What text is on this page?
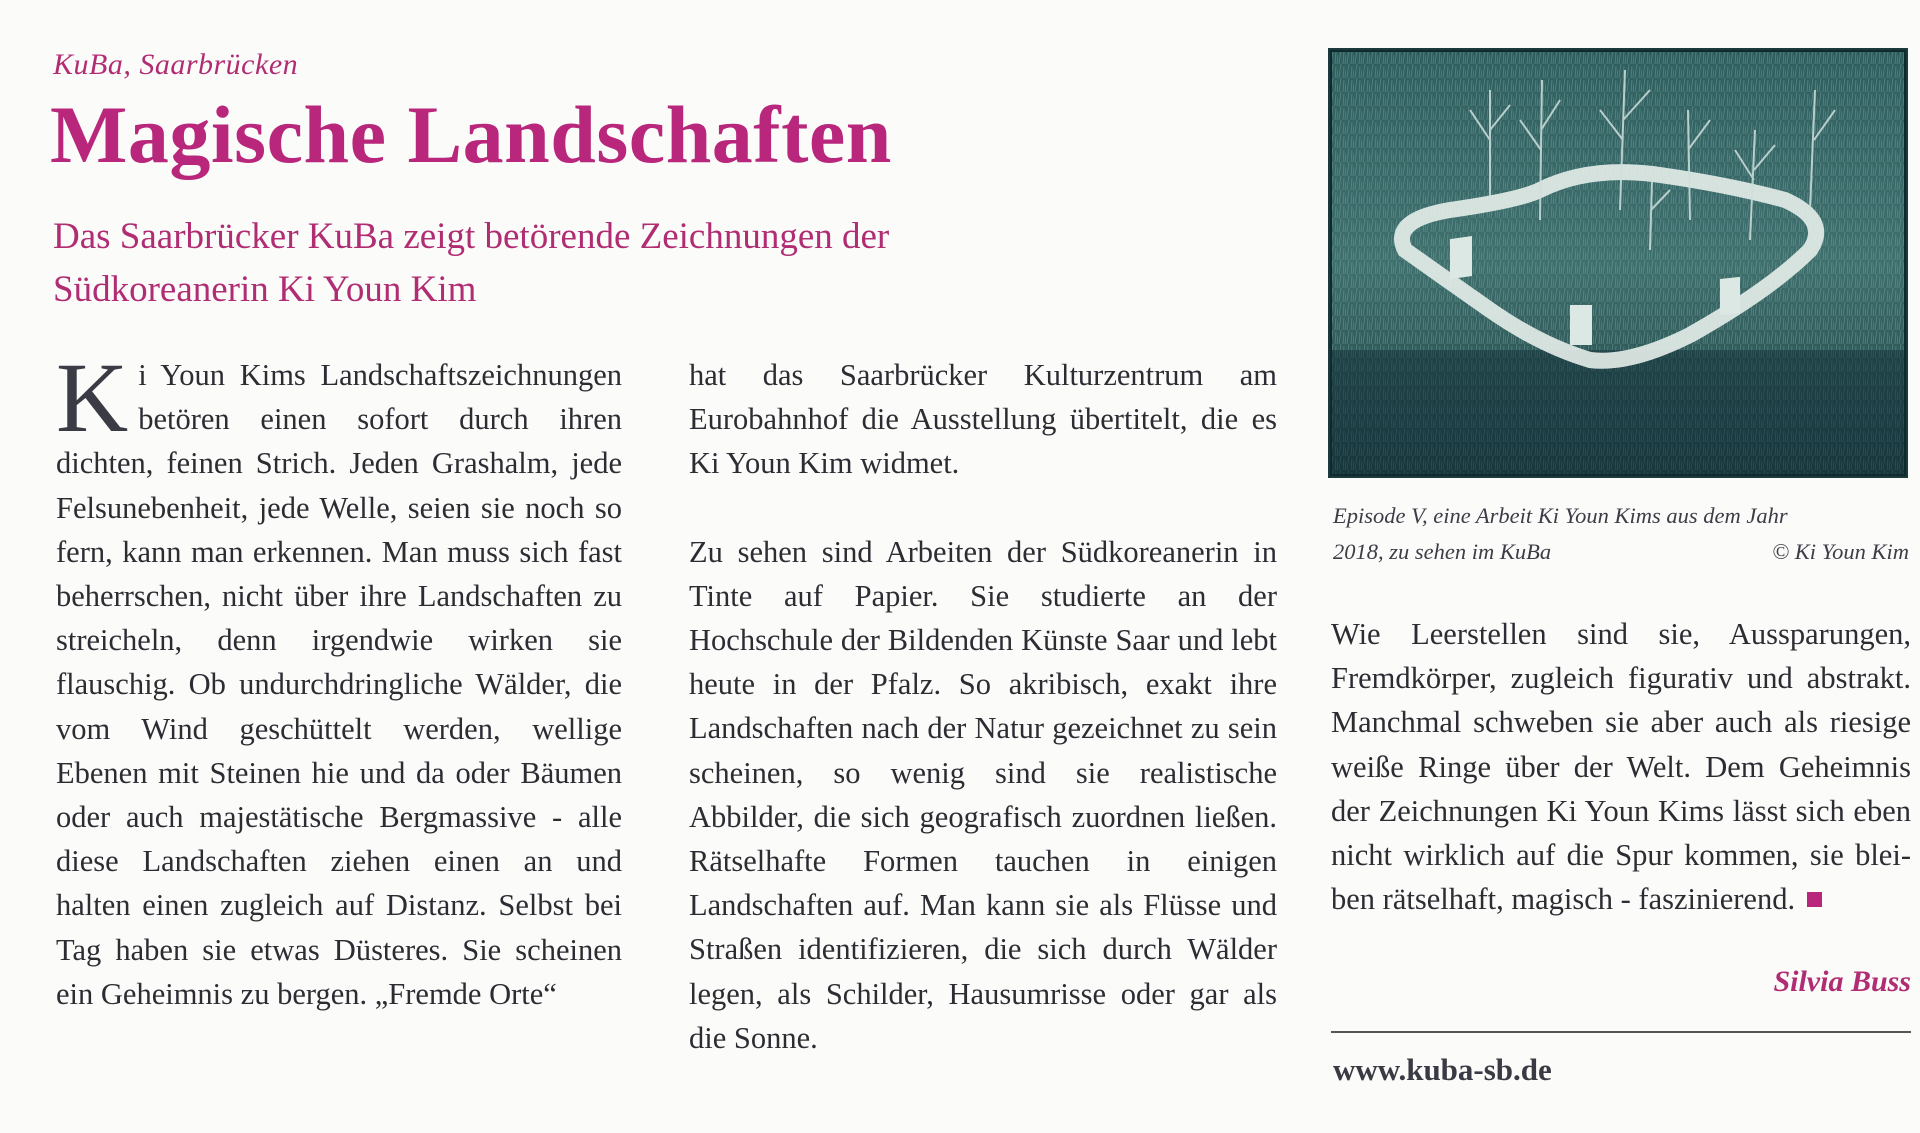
KuBa, Saarbrücken
Magische Landschaften

Das Saarbrücker KuBa zeigt betörende Zeichnungen der Südkoreanerin Ki Youn Kim

Ki Youn Kims Landschaftszeichnungen betören einen sofort durch ihren dichten, feinen Strich. Jeden Grashalm, jede Felsunebenheit, jede Welle, seien sie noch so fern, kann man erkennen. Man muss sich fast beherrschen, nicht über ihre Landschaften zu streicheln, denn irgendwie wirken sie flauschig. Ob undurchdringliche Wälder, die vom Wind geschüttelt werden, wellige Ebenen mit Steinen hie und da oder Bäumen oder auch majestätische Bergmassive - alle diese Landschaften ziehen einen an und halten einen zugleich auf Distanz. Selbst bei Tag haben sie etwas Düsteres. Sie scheinen ein Geheimnis zu bergen. „Fremde Orte“

hat das Saarbrücker Kulturzentrum am Eurobahnhof die Ausstellung übertitelt, die es Ki Youn Kim widmet.

Zu sehen sind Arbeiten der Südkoreanerin in Tinte auf Papier. Sie studierte an der Hochschule der Bildenden Künste Saar und lebt heute in der Pfalz. So akribisch, exakt ihre Landschaften nach der Natur gezeichnet zu sein scheinen, so wenig sind sie realistische Abbilder, die sich geografisch zuordnen ließen. Rätselhafte Formen tauchen in einigen Landschaften auf. Man kann sie als Flüsse und Straßen identifizieren, die sich durch Wälder legen, als Schilder, Hausumrisse oder gar als die Sonne.

Episode V, eine Arbeit Ki Youn Kims aus dem Jahr
2018, zu sehen im KuBa	© Ki Youn Kim

Wie Leerstellen sind sie, Aussparungen, Fremdkörper, zugleich figurativ und abstrakt. Manchmal schweben sie aber auch als riesige weiße Ringe über der Welt. Dem Geheimnis der Zeichnungen Ki Youn Kims lässt sich eben nicht wirklich auf die Spur kommen, sie bleiben rätselhaft, magisch - faszinierend.

Silvia Buss
www.kuba-sb.de
